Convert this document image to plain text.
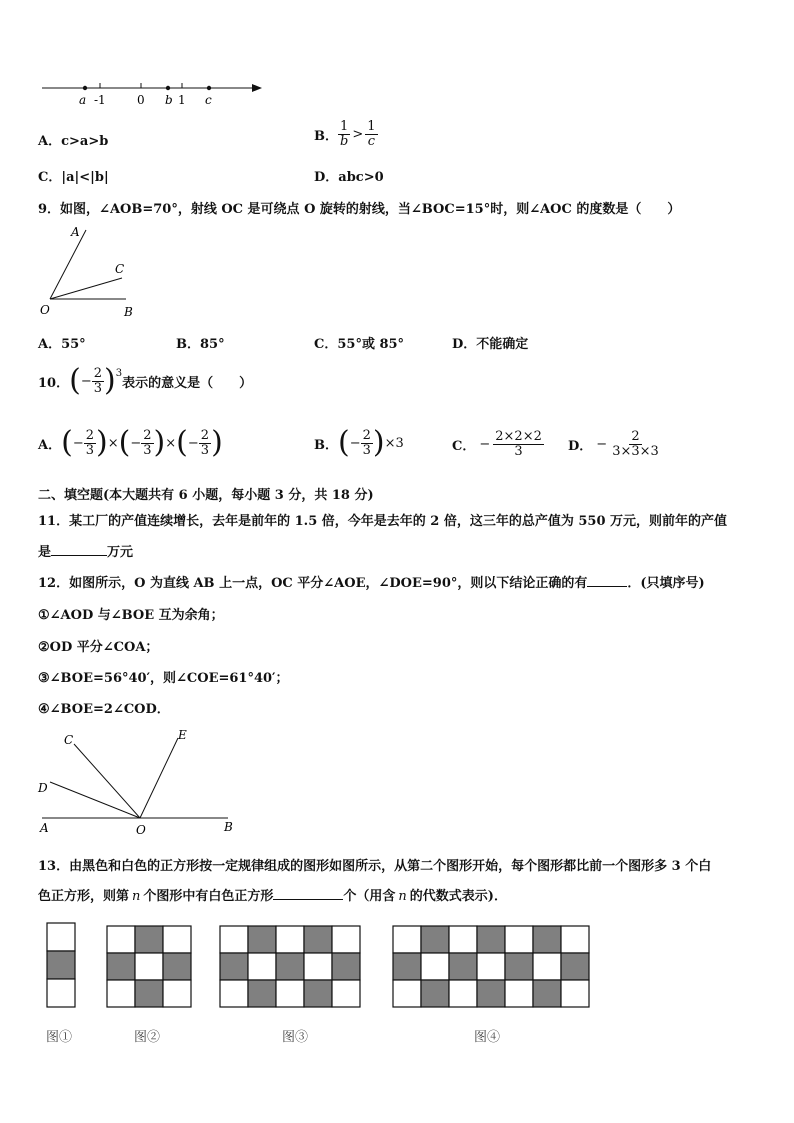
a -1	0 b 1 c
A．c>a>b	B． $\frac{1}{b} > \frac{1}{c}$
C．|a|<|b|	D．abc>0
9．如图，∠AOB=70°，射线 OC 是可绕点 O 旋转的射线，当∠BOC=15°时，则∠AOC 的度数是（　　）
A
C
O	B
A．55°	B．85°	C．55°或 85°	D．不能确定
10． ( − $\frac{2}{3} )^3$
表示的意义是（　　）
A． ( − $\frac{2}{3}$ ) × ( − $\frac{2}{3}$ ) × ( − $\frac{2}{3}$ )	B． ( − $\frac{2}{3}$ ) ×3	C． − $\frac{2\times 2\times 2}{3}$ D． − $\frac{2}{3\times 3\times 3}$
二、填空题(本大题共有 6 小题，每小题 3 分，共 18 分)
11．某工厂的产值连续增长，去年是前年的 1.5 倍，今年是去年的 2 倍，这三年的总产值为 550 万元，则前年的产值
是	万元
12．如图所示，O 为直线 AB 上一点，OC 平分∠AOE，∠DOE=90°，则以下结论正确的有	．(只填序号)
①∠AOD 与∠BOE 互为余角；
②OD 平分∠COA；
③∠BOE=56°40′，则∠COE=61°40′；
④∠BOE=2∠COD．
C	E
D
A	O	B
13．由黑色和白色的正方形按一定规律组成的图形如图所示，从第二个图形开始，每个图形都比前一个图形多 3 个白
色正方形，则第 n 个图形中有白色正方形	个（用含 n 的代数式表示)．
图①	图②	图③	图④
